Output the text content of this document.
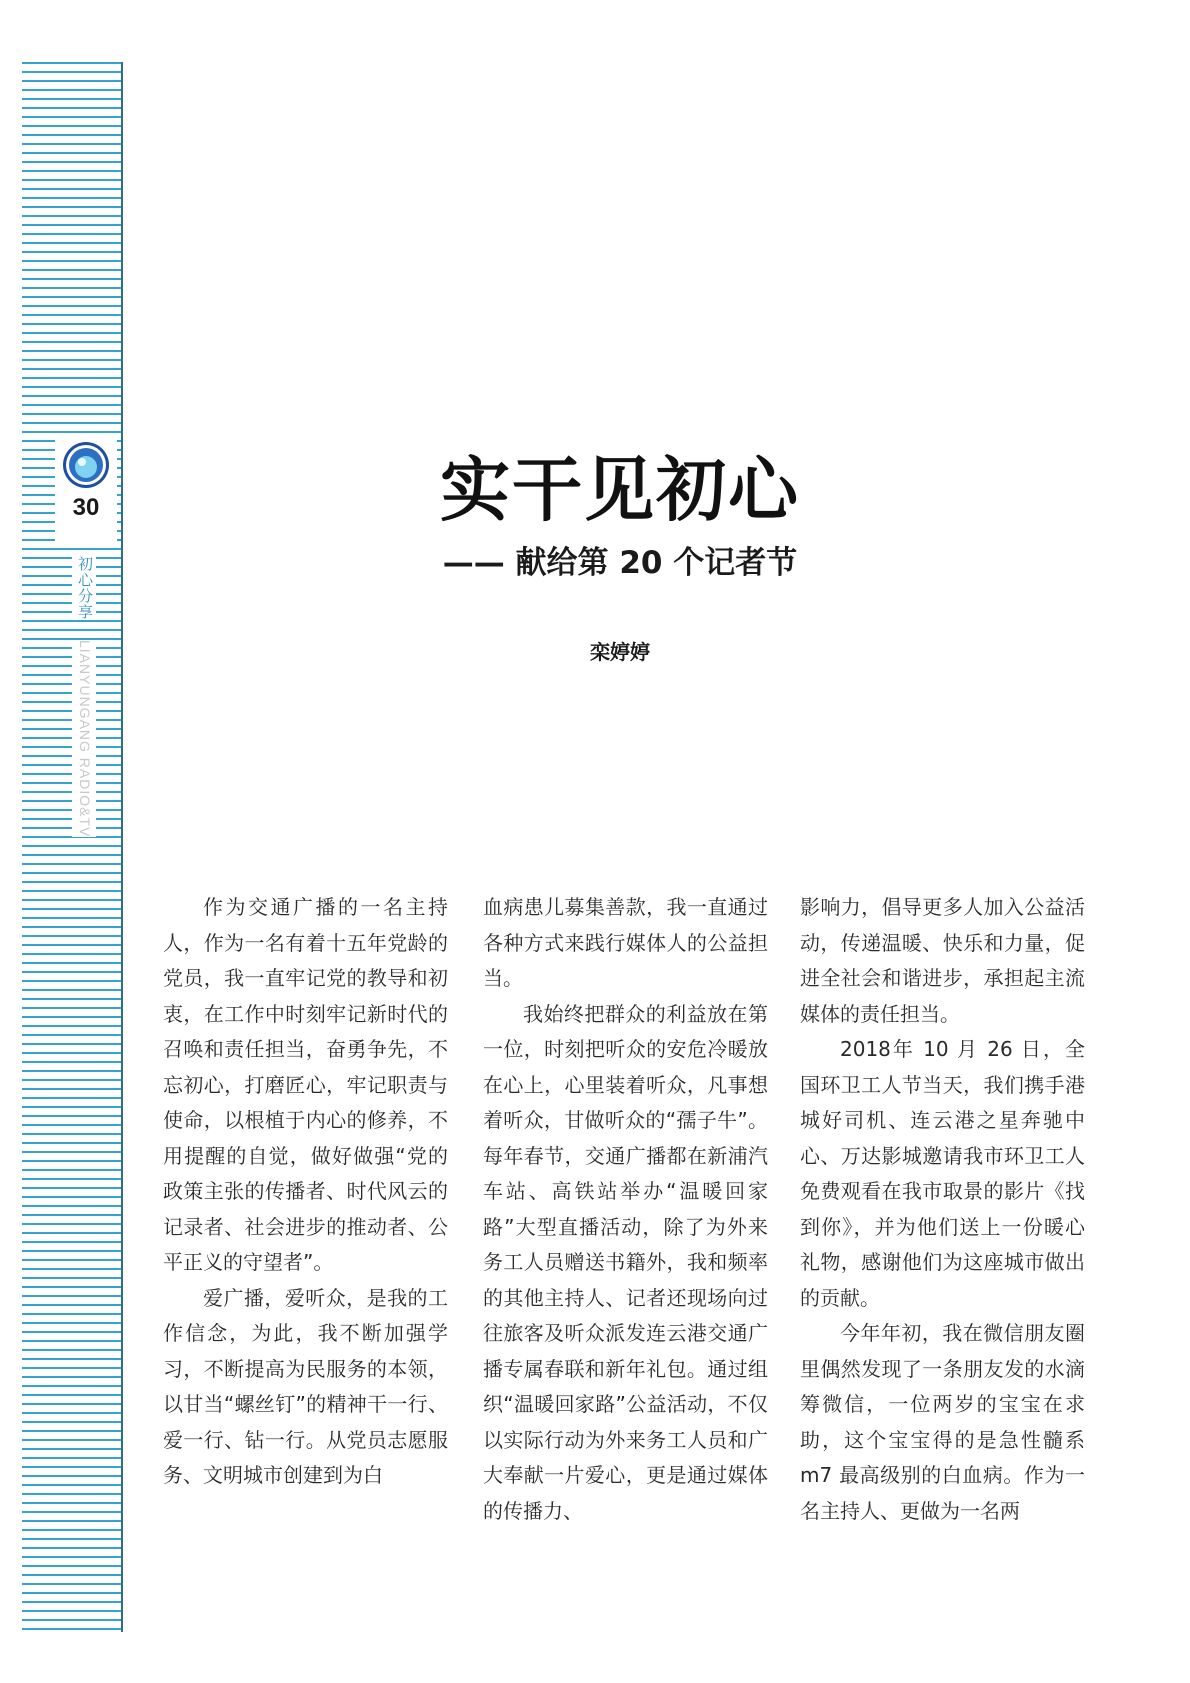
30
初心分享
LIANYUNGANG RADIO&TV
实干见初心
—— 献给第 20 个记者节
栾婷婷

作为交通广播的一名主持人，作为一名有着十五年党龄的党员，我一直牢记党的教导和初衷，在工作中时刻牢记新时代的召唤和责任担当，奋勇争先，不忘初心，打磨匠心，牢记职责与使命，以根植于内心的修养，不用提醒的自觉，做好做强“党的政策主张的传播者、时代风云的记录者、社会进步的推动者、公平正义的守望者”。

爱广播，爱听众，是我的工作信念，为此，我不断加强学习，不断提高为民服务的本领，以甘当“螺丝钉”的精神干一行、爱一行、钻一行。从党员志愿服务、文明城市创建到为白

血病患儿募集善款，我一直通过各种方式来践行媒体人的公益担当。

我始终把群众的利益放在第一位，时刻把听众的安危冷暖放在心上，心里装着听众，凡事想着听众，甘做听众的“孺子牛”。每年春节，交通广播都在新浦汽车站、高铁站举办“温暖回家路”大型直播活动，除了为外来务工人员赠送书籍外，我和频率的其他主持人、记者还现场向过往旅客及听众派发连云港交通广播专属春联和新年礼包。通过组织“温暖回家路”公益活动，不仅以实际行动为外来务工人员和广大奉献一片爱心，更是通过媒体的传播力、

影响力，倡导更多人加入公益活动，传递温暖、快乐和力量，促进全社会和谐进步，承担起主流媒体的责任担当。

2018年 10 月 26 日，全国环卫工人节当天，我们携手港城好司机、连云港之星奔驰中心、万达影城邀请我市环卫工人免费观看在我市取景的影片《找到你》，并为他们送上一份暖心礼物，感谢他们为这座城市做出的贡献。

今年年初，我在微信朋友圈里偶然发现了一条朋友发的水滴筹微信，一位两岁的宝宝在求助，这个宝宝得的是急性髓系 m7 最高级别的白血病。作为一名主持人、更做为一名两
